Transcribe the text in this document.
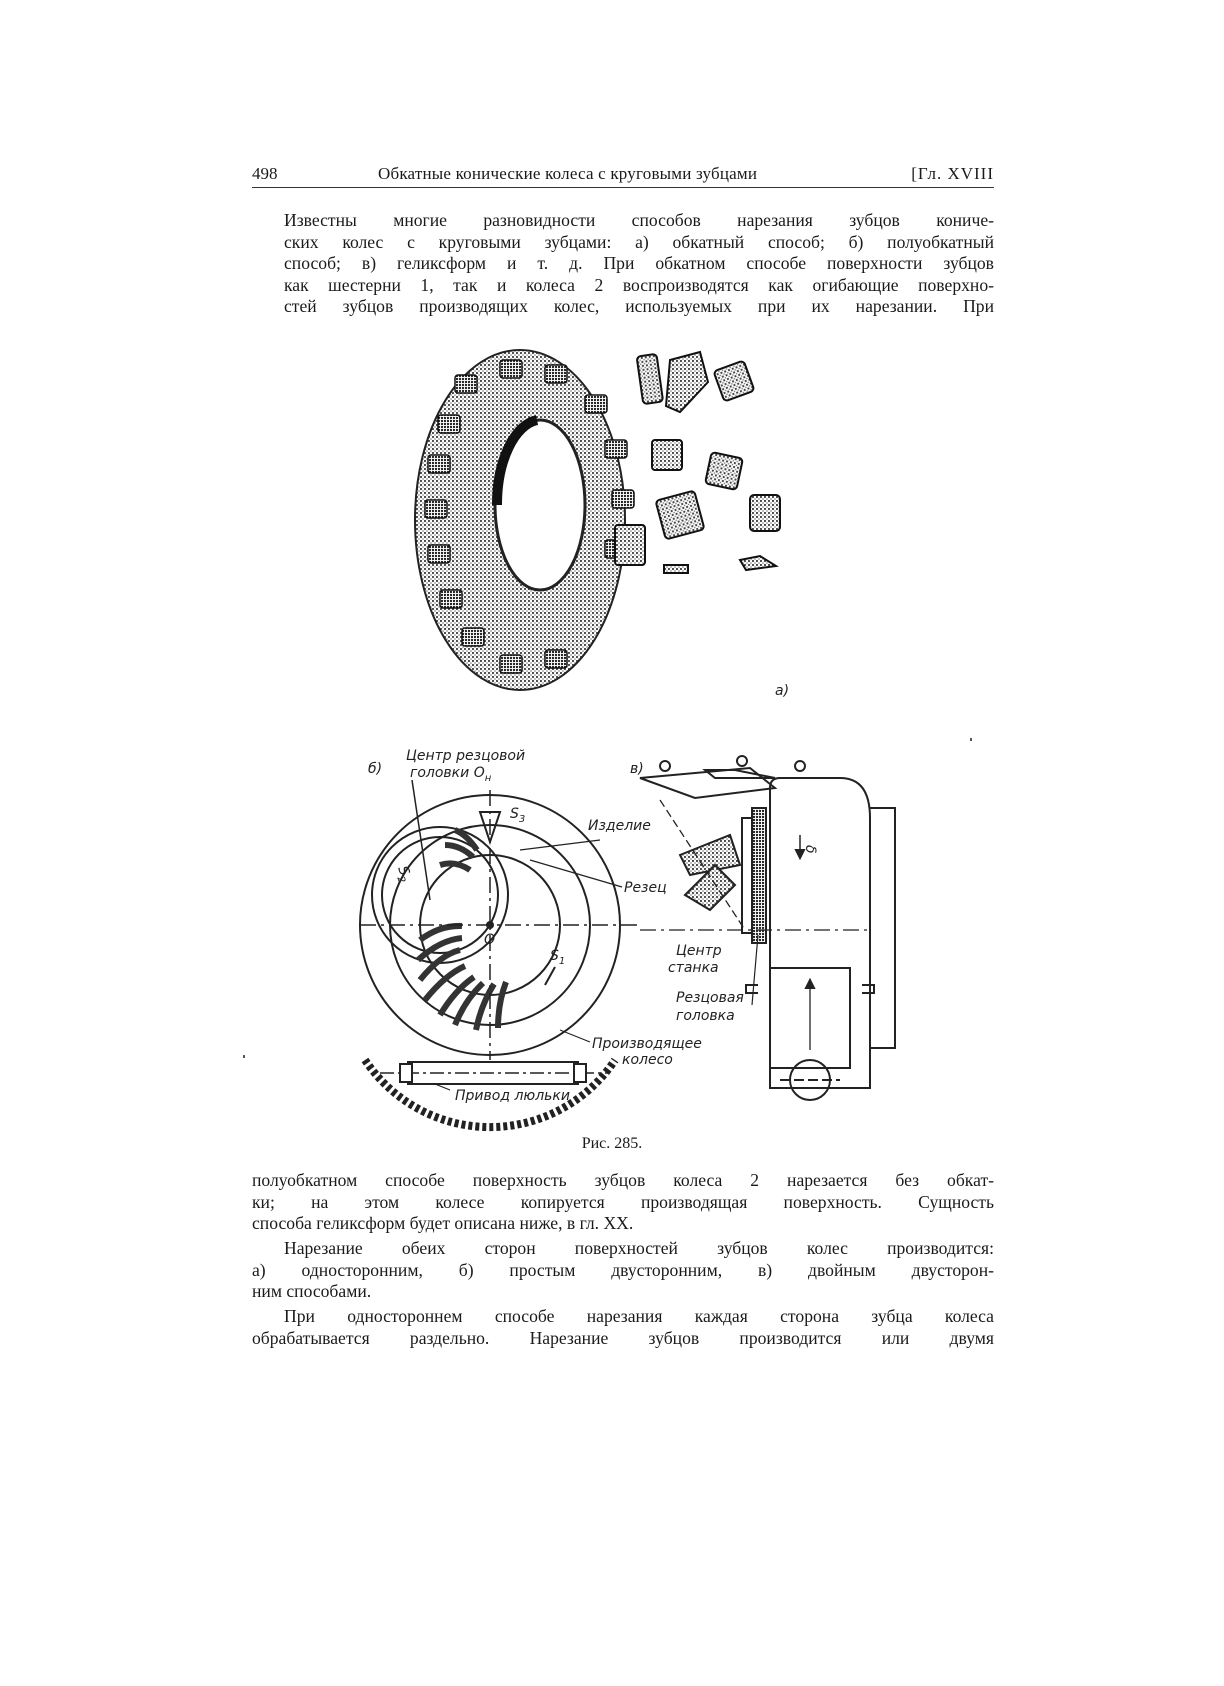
498	Обкатные конические колеса с круговыми зубцами	[Гл. XVIII
Известны многие разновидности способов нарезания зубцов кониче-
ских колес с круговыми зубцами: а) обкатный способ; б) полуобкатный
способ; в) геликсформ и т. д. При обкатном способе поверхности зубцов
как шестерни 1, так и колеса 2 воспроизводятся как огибающие поверхно-
стей зубцов производящих колес, используемых при их нарезании. При
а)
б)
Центр резцовой
головки $O_н$
Изделие
Резец
Производящее
колесо
Привод люльки
O
$S_1$
$S_2$
$S_3$
в)
δ
Центр
станка
Резцовая
головка
Рис. 285.
полуобкатном способе поверхность зубцов колеса 2 нарезается без обкат-
ки; на этом колесе копируется производящая поверхность. Сущность
способа геликсформ будет описана ниже, в гл. XX.
Нарезание обеих сторон поверхностей зубцов колес производится:
а) односторонним, б) простым двусторонним, в) двойным двусторон-
ним способами.
При одностороннем способе нарезания каждая сторона зубца колеса
обрабатывается раздельно. Нарезание зубцов производится или двумя
